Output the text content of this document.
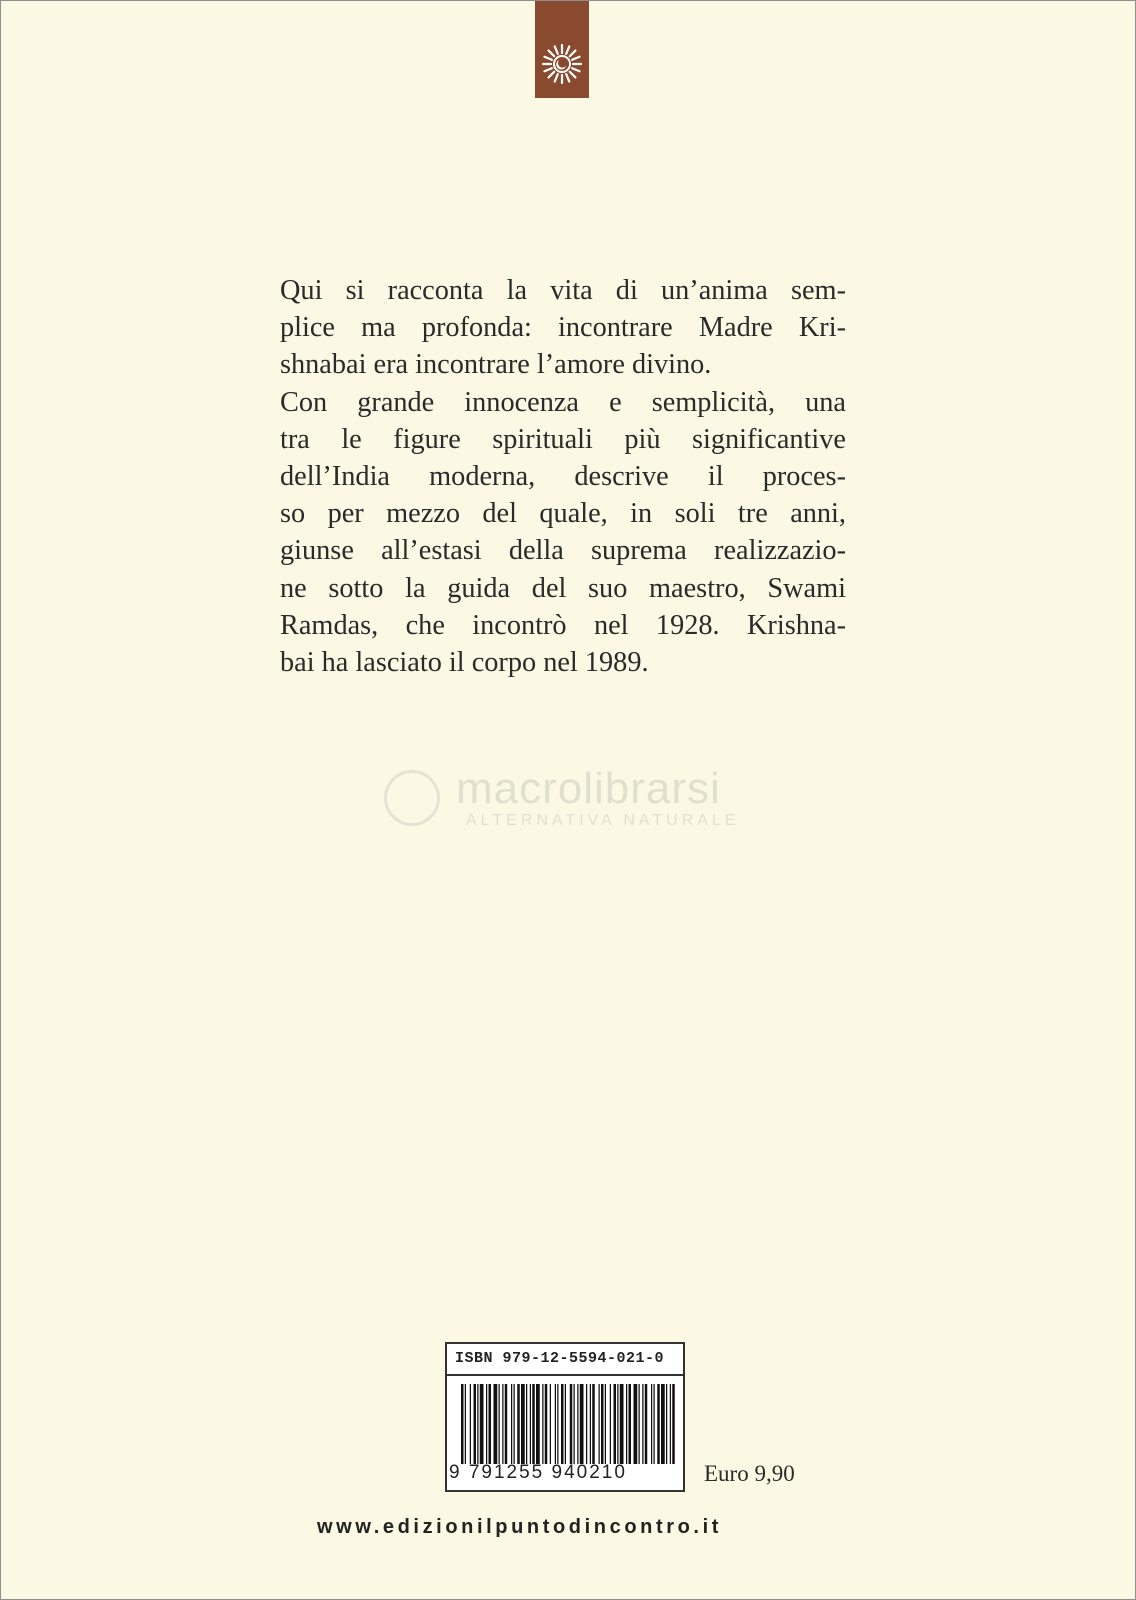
Qui si racconta la vita di un’anima sem-

plice ma profonda: incontrare Madre Kri-

shnabai era incontrare l’amore divino.

Con grande innocenza e semplicità, una

tra le figure spirituali più significantive

dell’India moderna, descrive il proces-

so per mezzo del quale, in soli tre anni,

giunse all’estasi della suprema realizzazio-

ne sotto la guida del suo maestro, Swami

Ramdas, che incontrò nel 1928. Krishna-

bai ha lasciato il corpo nel 1989.

macrolibrarsi
ALTERNATIVA NATURALE
ISBN 979-12-5594-021-0
9 791255 940210	Euro 9,90
www.edizionilpuntodincontro.it
